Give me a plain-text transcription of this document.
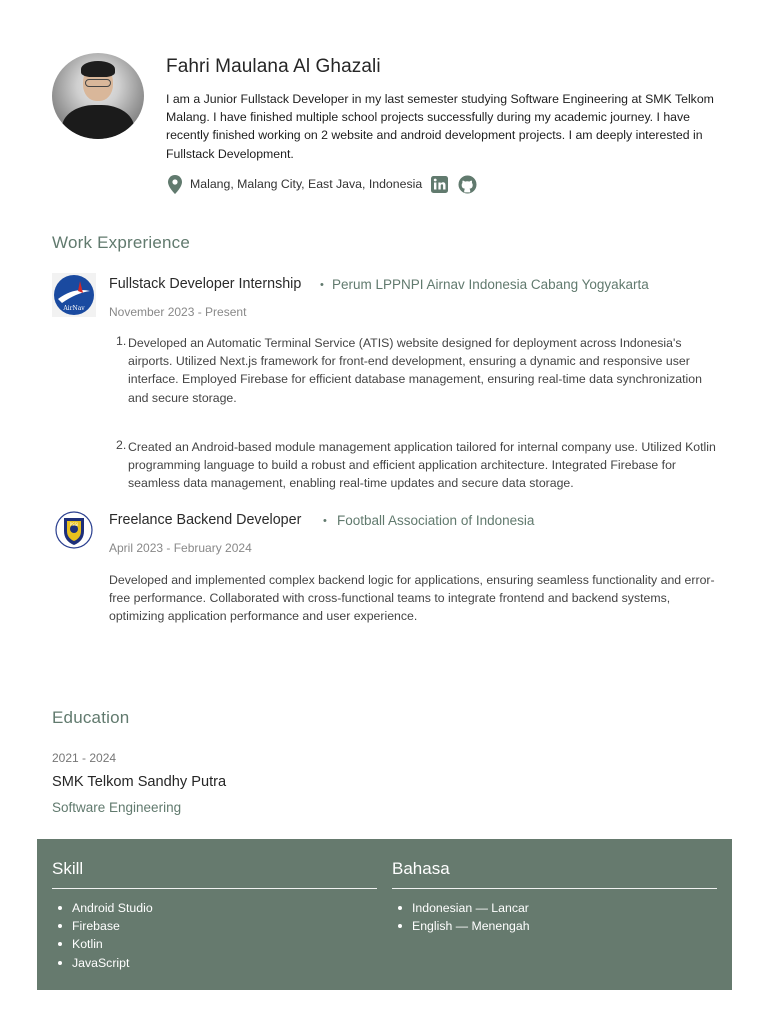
Fahri Maulana Al Ghazali
I am a Junior Fullstack Developer in my last semester studying Software Engineering at SMK Telkom Malang. I have finished multiple school projects successfully during my academic journey. I have recently finished working on 2 website and android development projects. I am deeply interested in Fullstack Development.
Malang, Malang City, East Java, Indonesia
Work Exprerience
AirNav
Fullstack Developer Internship • Perum LPPNPI Airnav Indonesia Cabang Yogyakarta
November 2023 - Present
1. Developed an Automatic Terminal Service (ATIS) website designed for deployment across Indonesia's airports. Utilized Next.js framework for front-end development, ensuring a dynamic and responsive user interface. Employed Firebase for efficient database management, ensuring real-time data synchronization and secure storage.
2. Created an Android-based module management application tailored for internal company use. Utilized Kotlin programming language to build a robust and efficient application architecture. Integrated Firebase for seamless data management, enabling real-time updates and secure data storage.
PSSI Freelance Backend Developer • Football Association of Indonesia
April 2023 - February 2024
Developed and implemented complex backend logic for applications, ensuring seamless functionality and error-free performance. Collaborated with cross-functional teams to integrate frontend and backend systems, optimizing application performance and user experience.
Education
2021 - 2024
SMK Telkom Sandhy Putra
Software Engineering
Skill
Android Studio
Firebase
Kotlin
JavaScript
Bahasa
Indonesian — Lancar
English — Menengah
